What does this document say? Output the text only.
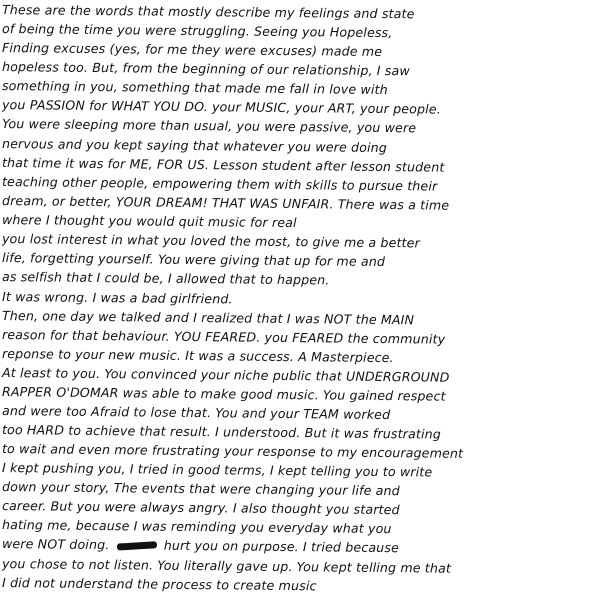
These are the words that mostly describe my feelings and state
of being the time you were struggling. Seeing you Hopeless,
Finding excuses (yes, for me they were excuses) made me
hopeless too. But, from the beginning of our relationship, I saw
something in you, something that made me fall in love with
you PASSION for WHAT YOU DO. your MUSIC, your ART, your people.
You were sleeping more than usual, you were passive, you were
nervous and you kept saying that whatever you were doing
that time it was for ME, FOR US. Lesson student after lesson student
teaching other people, empowering them with skills to pursue their
dream, or better, YOUR DREAM! THAT WAS UNFAIR. There was a time
where I thought you would quit music for real
you lost interest in what you loved the most, to give me a better
life, forgetting yourself. You were giving that up for me and
as selfish that I could be, I allowed that to happen.
It was wrong. I was a bad girlfriend.
Then, one day we talked and I realized that I was NOT the MAIN
reason for that behaviour. YOU FEARED. you FEARED the community
reponse to your new music. It was a success. A Masterpiece.
At least to you. You convinced your niche public that UNDERGROUND
RAPPER O'DOMAR was able to make good music. You gained respect
and were too Afraid to lose that. You and your TEAM worked
too HARD to achieve that result. I understood. But it was frustrating
to wait and even more frustrating your response to my encouragement
I kept pushing you, I tried in good terms, I kept telling you to write
down your story, The events that were changing your life and
career. But you were always angry. I also thought you started
hating me, because I was reminding you everyday what you
were NOT doing.	hurt you on purpose. I tried because
you chose to not listen. You literally gave up. You kept telling me that
I did not understand the process to create music
